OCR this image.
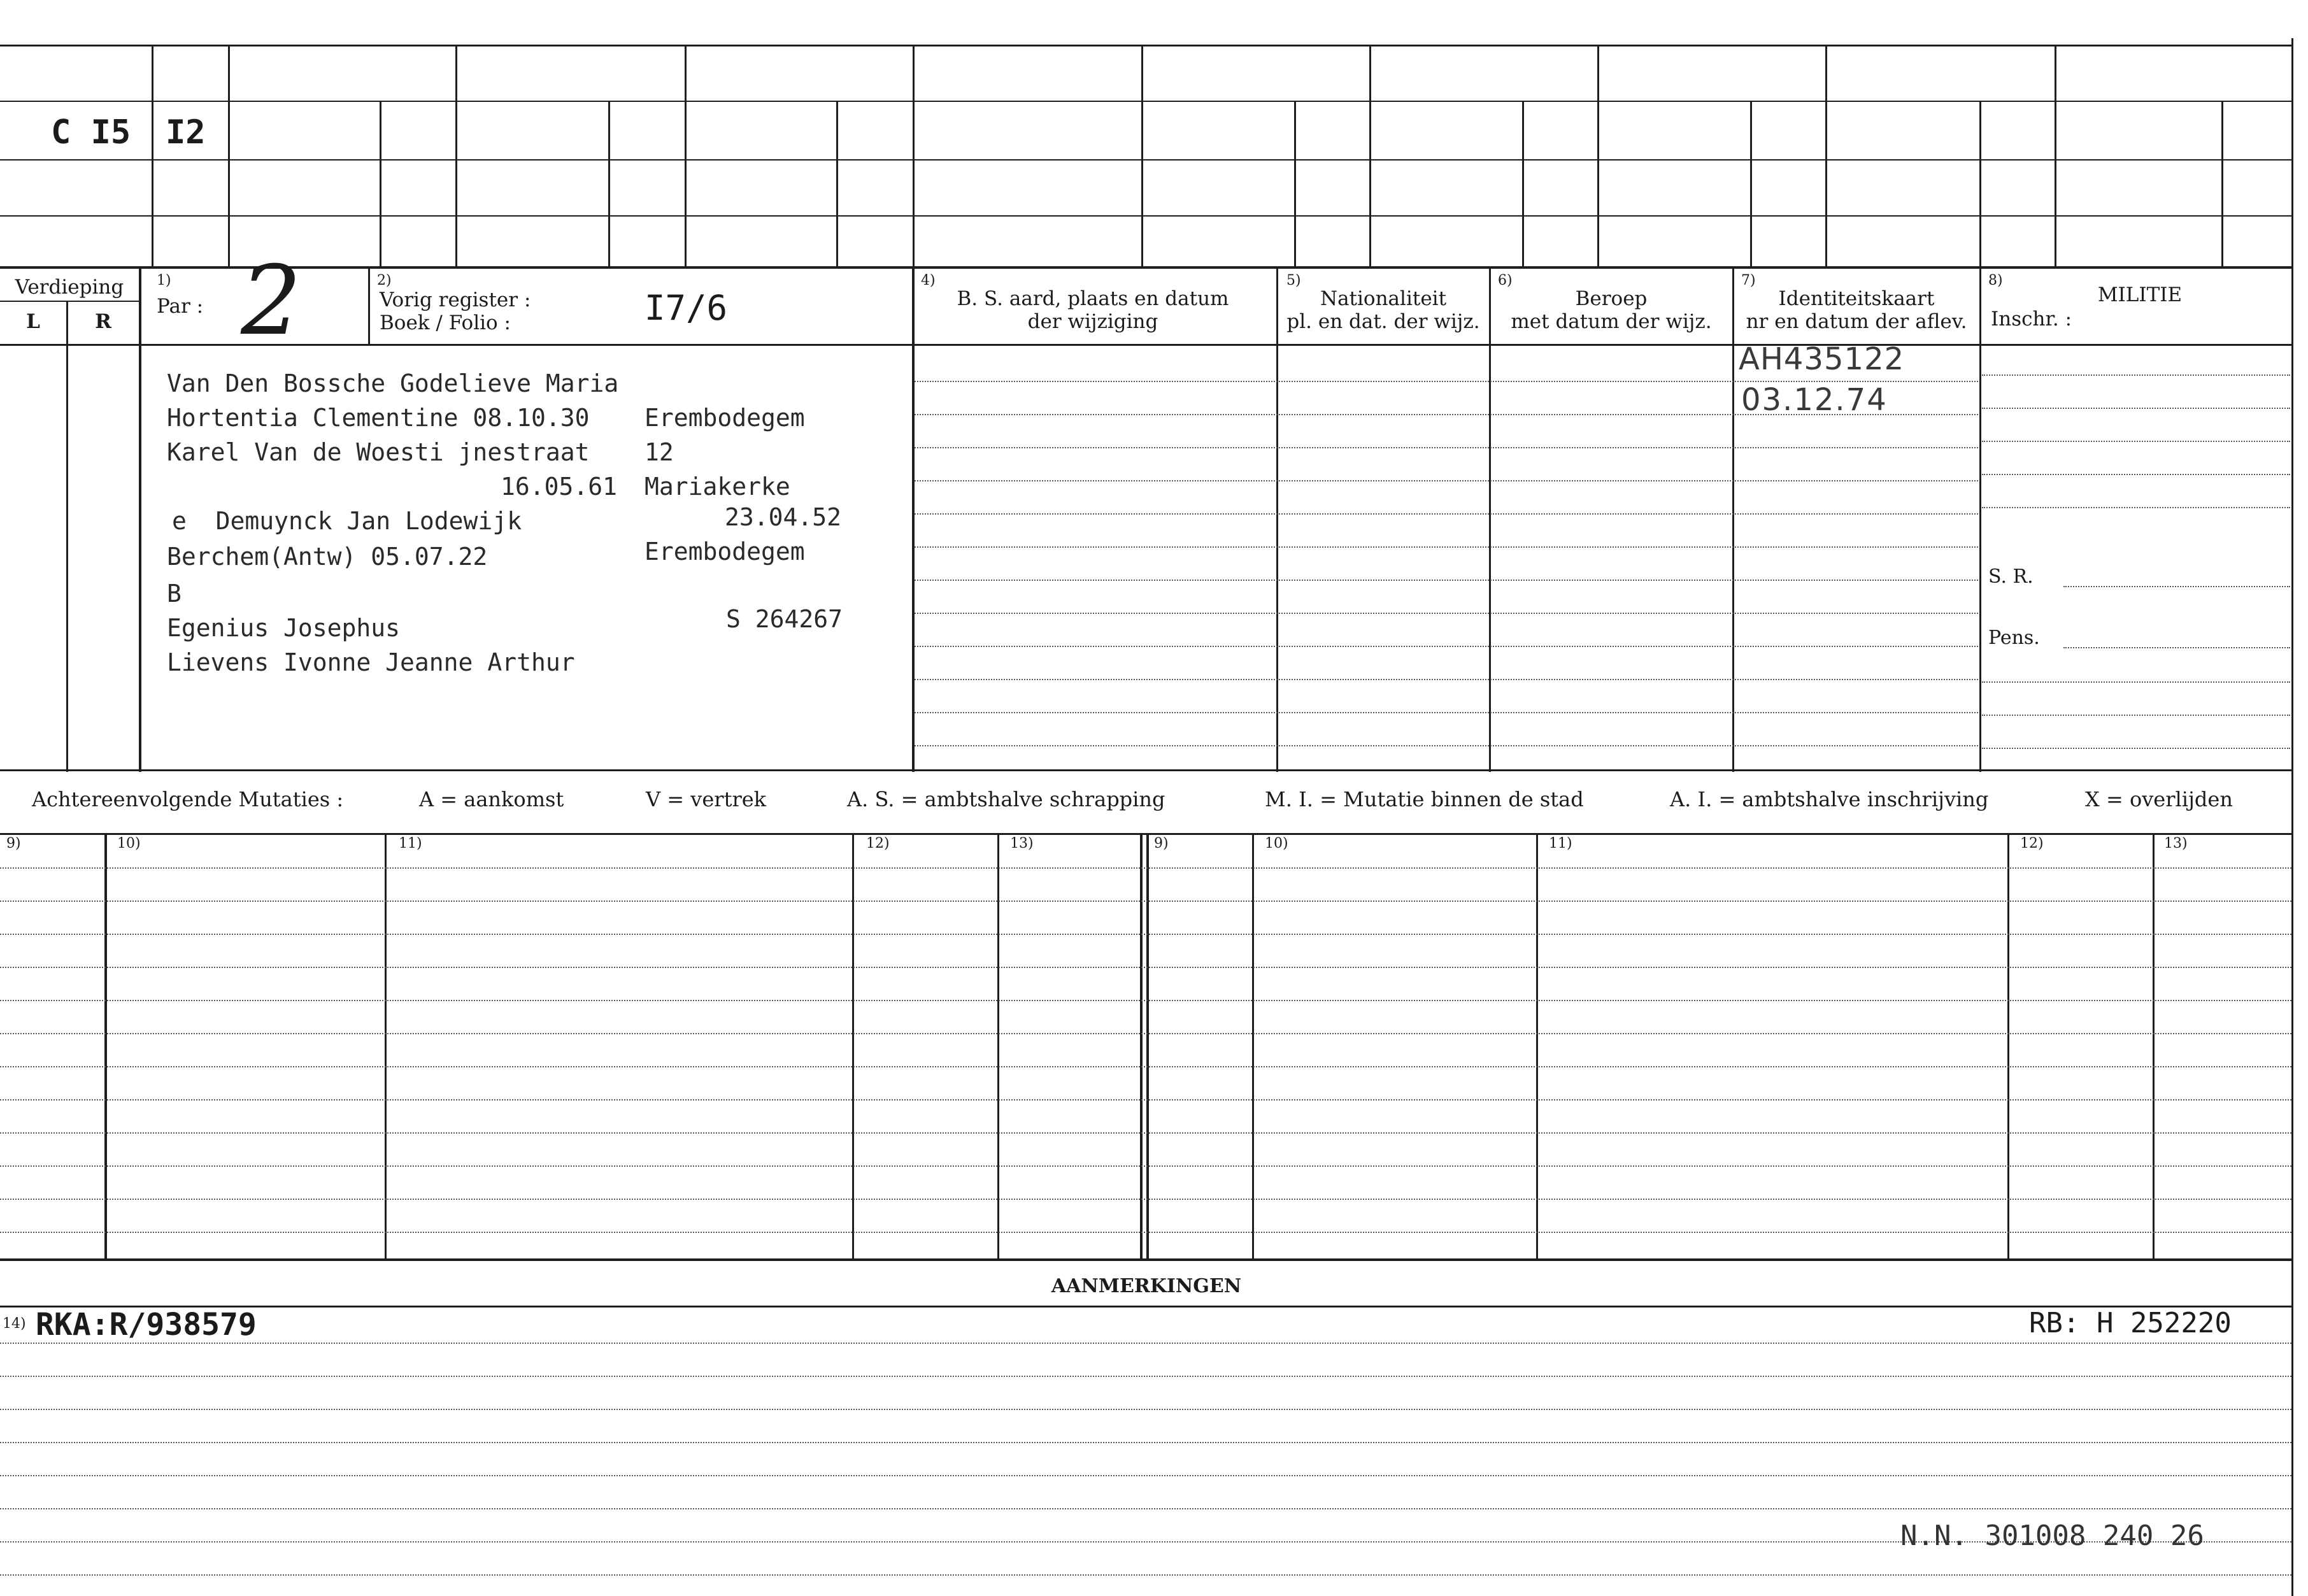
C I5 I2
Verdieping
L	R
1)
Par : 2	2)
Vorig register :
Boek / Folio :	I7/6
4)
B. S. aard, plaats en datum
der wijziging
5)
Nationaliteit
pl. en dat. der wijz.
6)
Beroep
met datum der wijz.
7)
Identiteitskaart
nr en datum der aflev.
8)
MILITIE
Inschr. :
Van Den Bossche Godelieve Maria
Hortentia Clementine 08.10.30 Erembodegem
Karel Van de Woesti jnestraat 12
16.05.61 Mariakerke
e  Demuynck Jan Lodewijk	23.04.52
Berchem(Antw) 05.07.22	Erembodegem
B
Egenius Josephus	S 264267
Lievens Ivonne Jeanne Arthur
AH435122
03.12.74
S. R.
Pens.
Achtereenvolgende Mutaties :	A = aankomst	V = vertrek	A. S. = ambtshalve schrapping	M. I. = Mutatie binnen de stad	A. I. = ambtshalve inschrijving	X = overlijden
9)	10)	11)	12)	13)	9)	10)	11)	12)	13)
AANMERKINGEN
14) RKA:R/938579	RB: H 252220
N.N. 301008 240 26
